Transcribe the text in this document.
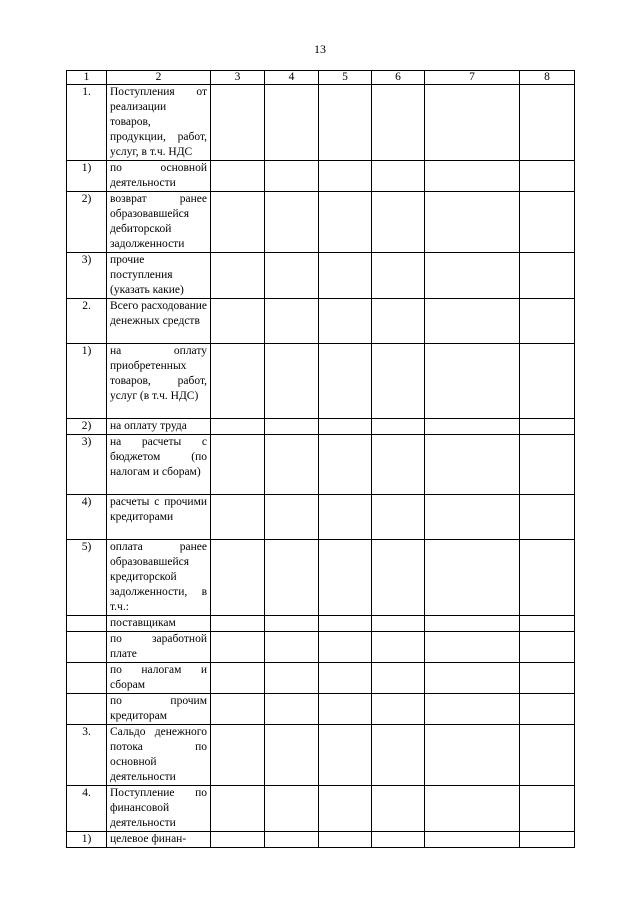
13
1	2	3	4	5	6	7	8
1.	Поступления от реализации товаров, продукции, работ, услуг, в т.ч. НДС						
1)	по основной деятельности						
2)	возврат ранее образовавшейся дебиторской задолженности						
3)	прочие поступления (указать какие)						
2.	Всего расходование денежных средств						
1)	на оплату приобретенных товаров, работ, услуг (в т.ч. НДС)						
2)	на оплату труда						
3)	на расчеты с бюджетом (по налогам и сборам)						
4)	расчеты с прочими кредиторами						
5)	оплата ранее образовавшейся кредиторской задолженности, в т.ч.:						
	поставщикам						
	по заработной плате						
	по налогам и сборам						
	по прочим кредиторам						
3.	Сальдо денежного потока по основной деятельности						
4.	Поступление по финансовой деятельности						
1)	целевое финан-						
